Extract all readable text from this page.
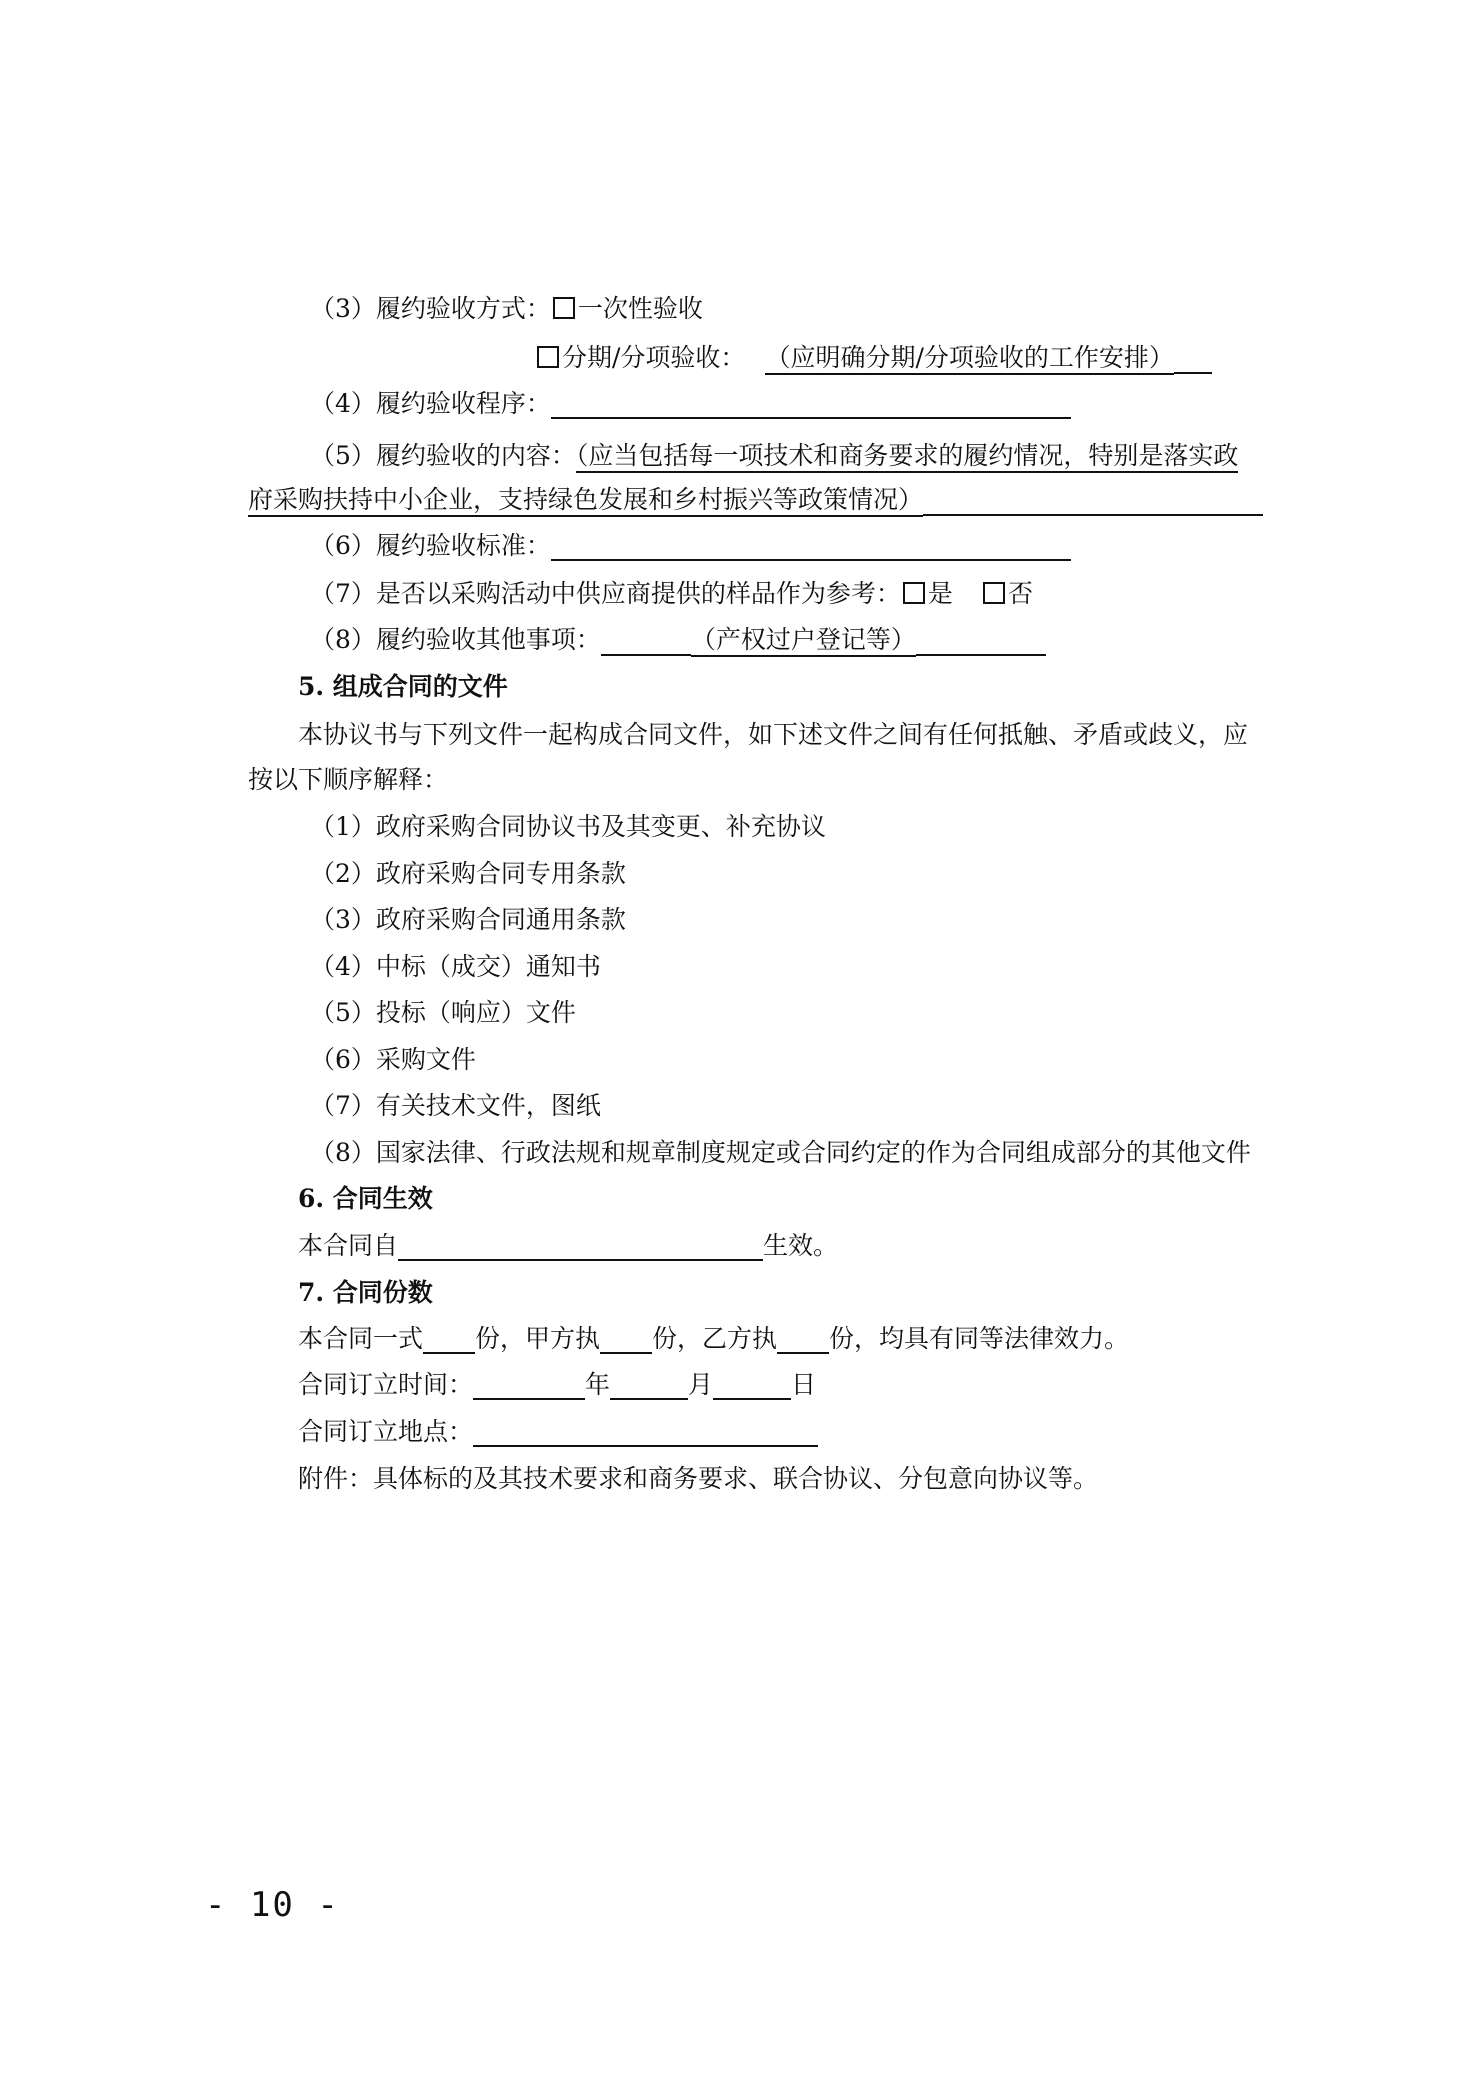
（3）履约验收方式： 一次性验收
分期/分项验收： （应明确分期/分项验收的工作安排）
（4）履约验收程序：
（5）履约验收的内容：（应当包括每一项技术和商务要求的履约情况，特别是落实政
府采购扶持中小企业，支持绿色发展和乡村振兴等政策情况）
（6）履约验收标准：
（7）是否以采购活动中供应商提供的样品作为参考： 是 否
（8）履约验收其他事项：	（产权过户登记等）
5. 组成合同的文件
本协议书与下列文件一起构成合同文件，如下述文件之间有任何抵触、矛盾或歧义，应
按以下顺序解释：
（1）政府采购合同协议书及其变更、补充协议
（2）政府采购合同专用条款
（3）政府采购合同通用条款
（4）中标（成交）通知书
（5）投标（响应）文件
（6）采购文件
（7）有关技术文件，图纸
（8）国家法律、行政法规和规章制度规定或合同约定的作为合同组成部分的其他文件
6. 合同生效
本合同自	生效。
7. 合同份数
本合同一式 份，甲方执 份，乙方执 份，均具有同等法律效力。
合同订立时间：	年	月	日
合同订立地点：
附件：具体标的及其技术要求和商务要求、联合协议、分包意向协议等。
- 10 -
